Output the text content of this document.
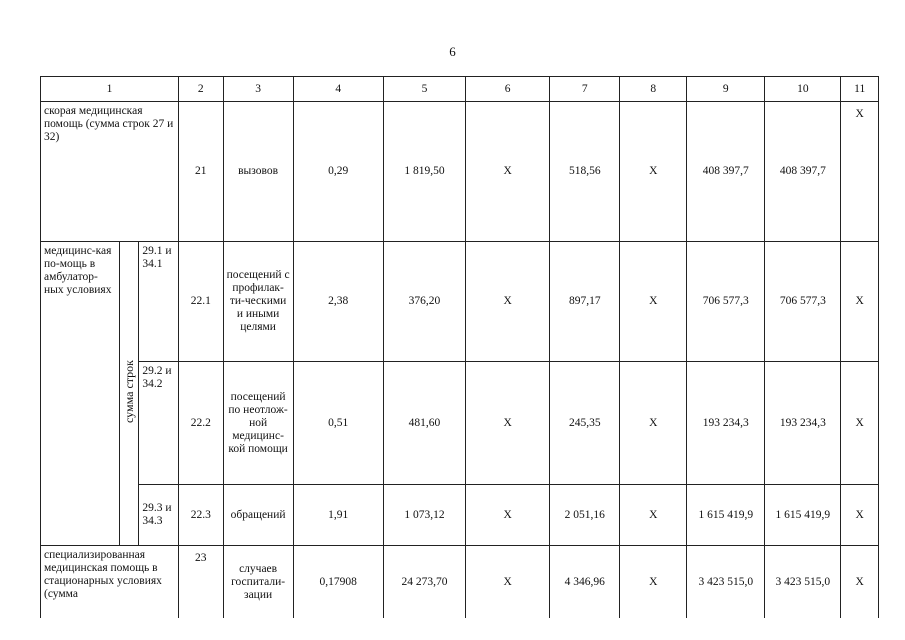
6
1			2	3	4	5	6	7	8	9	10	11
скорая медицинская помощь (сумма строк 27 и 32)			21	вызовов	0,29	1 819,50	Х	518,56	Х	408 397,7	408 397,7	Х
медицинс-кая по-мощь в амбулатор-ных условиях	сумма строк	29.1 и 34.1	22.1	посещений с профилак-ти-ческими и иными целями	2,38	376,20	Х	897,17	Х	706 577,3	706 577,3	Х
		29.2 и 34.2	22.2	посещений по неотлож-ной медицинс-кой помощи	0,51	481,60	Х	245,35	Х	193 234,3	193 234,3	Х
		29.3 и 34.3	22.3	обращений	1,91	1 073,12	Х	2 051,16	Х	1 615 419,9	1 615 419,9	Х
специализированная медицинская помощь в стационарных условиях (сумма			23	случаев госпитали-зации	0,17908	24 273,70	Х	4 346,96	Х	3 423 515,0	3 423 515,0	Х
